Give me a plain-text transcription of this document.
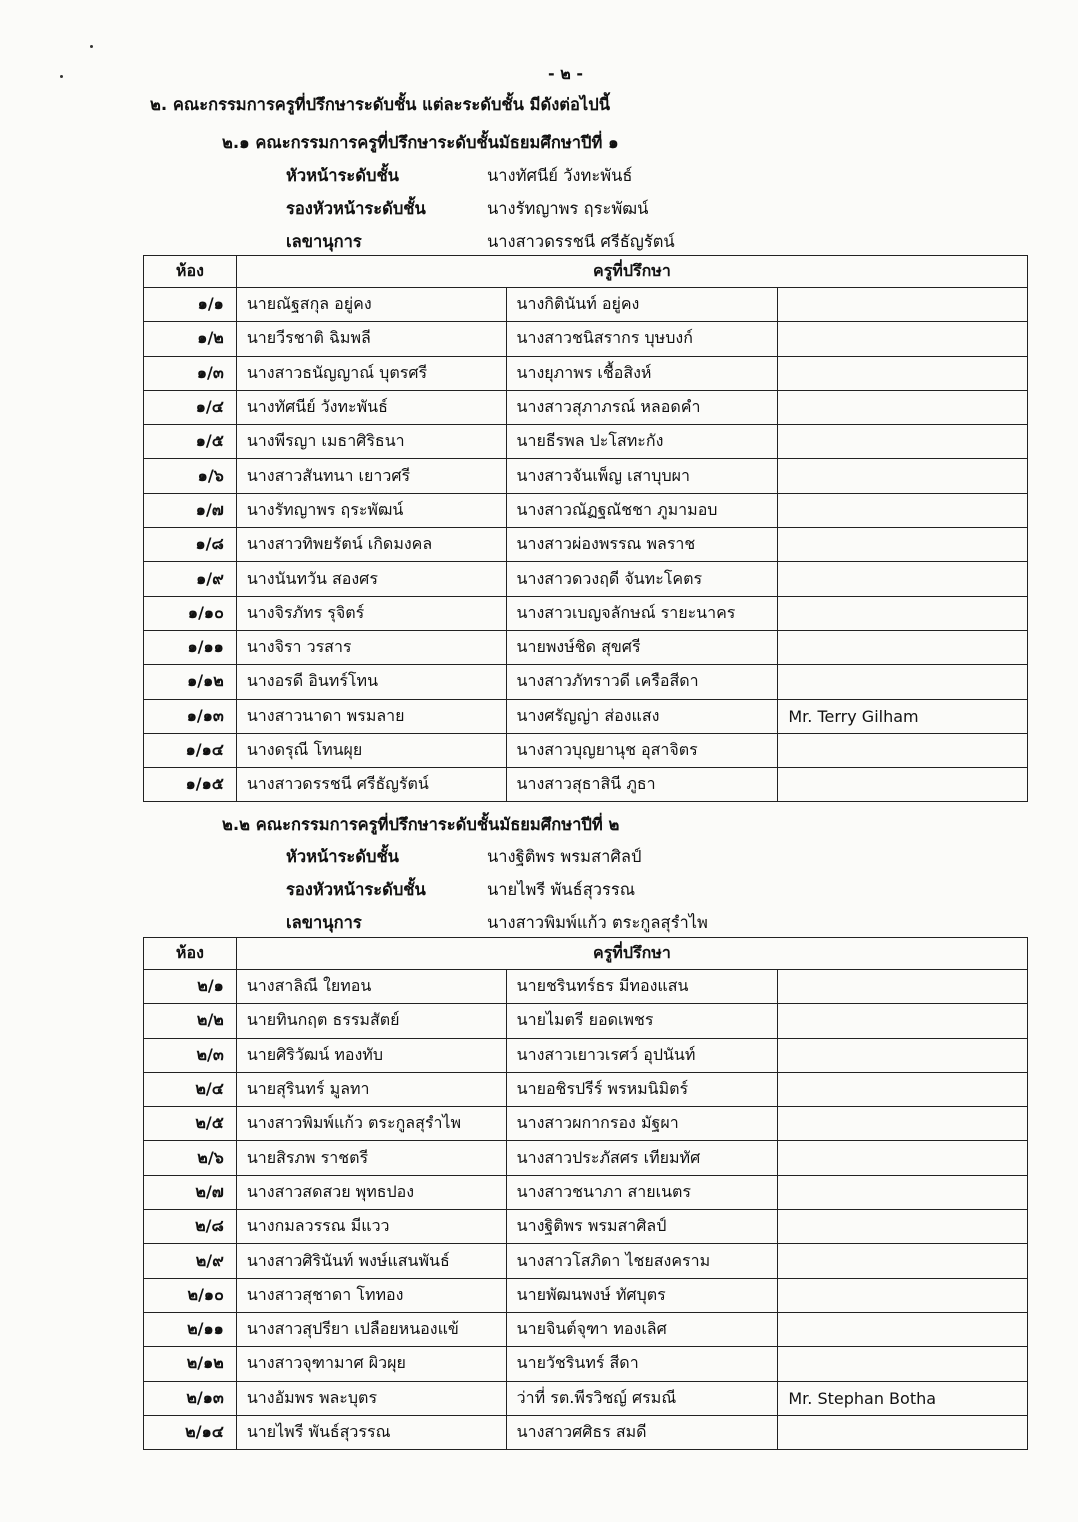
- ๒ -
๒. คณะกรรมการครูที่ปรึกษาระดับชั้น แต่ละระดับชั้น มีดังต่อไปนี้
๒.๑ คณะกรรมการครูที่ปรึกษาระดับชั้นมัธยมศึกษาปีที่ ๑
หัวหน้าระดับชั้น	นางทัศนีย์ วังทะพันธ์
รองหัวหน้าระดับชั้น	นางรัทญาพร ฤระพัฒน์
เลขานุการ	นางสาวดรรชนี ศรีธัญรัตน์
ห้อง	ครูที่ปรึกษา		
๑/๑	นายณัฐสกุล อยู่คง	นางกิตินันท์ อยู่คง	
๑/๒	นายวีรชาติ ฉิมพลี	นางสาวชนิสรากร บุษบงก์	
๑/๓	นางสาวธนัญญาณ์ บุตรศรี	นางยุภาพร เชื้อสิงห์	
๑/๔	นางทัศนีย์ วังทะพันธ์	นางสาวสุภาภรณ์ หลอดคำ	
๑/๕	นางพีรญา เมธาศิริธนา	นายธีรพล ปะโสทะกัง	
๑/๖	นางสาวสันทนา เยาวศรี	นางสาวจันเพ็ญ เสาบุบผา	
๑/๗	นางรัทญาพร ฤระพัฒน์	นางสาวณัฏฐณัชชา ภูมามอบ	
๑/๘	นางสาวทิพยรัตน์ เกิดมงคล	นางสาวผ่องพรรณ พลราช	
๑/๙	นางนันทวัน สองศร	นางสาวดวงฤดี จันทะโคตร	
๑/๑๐	นางจิรภัทร รุจิตร์	นางสาวเบญจลักษณ์ รายะนาคร	
๑/๑๑	นางจิรา วรสาร	นายพงษ์ชิด สุขศรี	
๑/๑๒	นางอรดี อินทร์โทน	นางสาวภัทราวดี เครือสีดา	
๑/๑๓	นางสาวนาดา พรมลาย	นางศรัญญ่า ส่องแสง	Mr. Terry Gilham
๑/๑๔	นางดรุณี โทนผุย	นางสาวบุญยานุช อุสาจิตร	
๑/๑๕	นางสาวดรรชนี ศรีธัญรัตน์	นางสาวสุธาสินี ภูธา	
๒.๒ คณะกรรมการครูที่ปรึกษาระดับชั้นมัธยมศึกษาปีที่ ๒
หัวหน้าระดับชั้น	นางฐิติพร พรมสาศิลป์
รองหัวหน้าระดับชั้น	นายไพรี พันธ์สุวรรณ
เลขานุการ	นางสาวพิมพ์แก้ว ตระกูลสุรำไพ
ห้อง	ครูที่ปรึกษา		
๒/๑	นางสาลิณี ใยทอน	นายชรินทร์ธร มีทองแสน	
๒/๒	นายทินกฤต ธรรมสัตย์	นายไมตรี ยอดเพชร	
๒/๓	นายศิริวัฒน์ ทองทับ	นางสาวเยาวเรศว์ อุปนันท์	
๒/๔	นายสุรินทร์ มูลทา	นายอชิรปรีร์ พรหมนิมิตร์	
๒/๕	นางสาวพิมพ์แก้ว ตระกูลสุรำไพ	นางสาวผกากรอง มัฐผา	
๒/๖	นายสิรภพ ราชตรี	นางสาวประภัสศร เทียมทัศ	
๒/๗	นางสาวสดสวย พุทธปอง	นางสาวชนาภา สายเนตร	
๒/๘	นางกมลวรรณ มีแวว	นางฐิติพร พรมสาศิลป์	
๒/๙	นางสาวศิรินันท์ พงษ์แสนพันธ์	นางสาวโสภิดา ไชยสงคราม	
๒/๑๐	นางสาวสุชาดา โททอง	นายพัฒนพงษ์ ทัศบุตร	
๒/๑๑	นางสาวสุปรียา เปลือยหนองแข้	นายจินต์จุฑา ทองเลิศ	
๒/๑๒	นางสาวจุฑามาศ ผิวผุย	นายวัชรินทร์ สีดา	
๒/๑๓	นางอัมพร พละบุตร	ว่าที่ รต.พีรวิชญ์ ศรมณี	Mr. Stephan Botha
๒/๑๔	นายไพรี พันธ์สุวรรณ	นางสาวศศิธร สมดี	
